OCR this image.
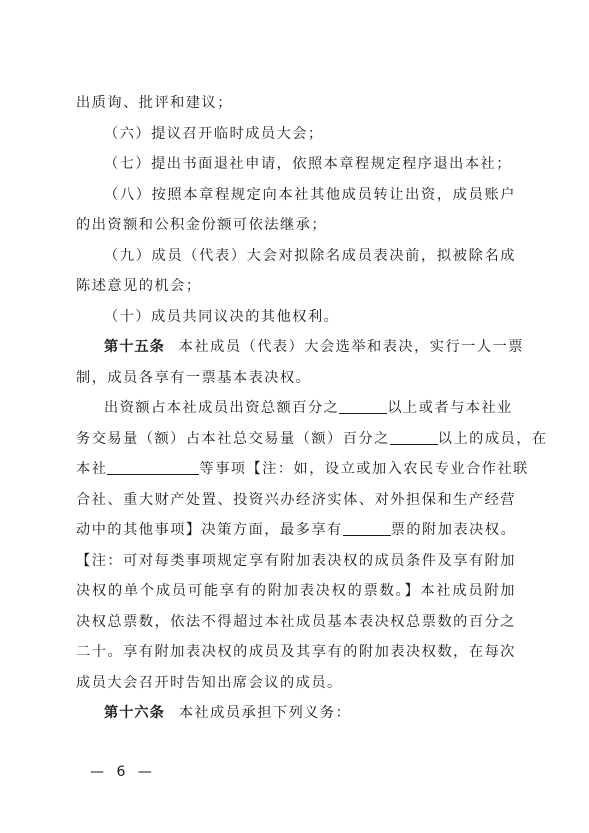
出质询、批评和建议；
（六）提议召开临时成员大会；
（七）提出书面退社申请，依照本章程规定程序退出本社；
（八）按照本章程规定向本社其他成员转让出资，成员账户
的出资额和公积金份额可依法继承；
（九）成员（代表）大会对拟除名成员表决前，拟被除名成
陈述意见的机会；
（十）成员共同议决的其他权利。
第十五条 本社成员（代表）大会选举和表决，实行一人一票
制，成员各享有一票基本表决权。
出资额占本社成员出资总额百分之	以上或者与本社业
务交易量（额）占本社总交易量（额）百分之	以上的成员，在
本社	等事项【注：如，设立或加入农民专业合作社联
合社、重大财产处置、投资兴办经济实体、对外担保和生产经营
动中的其他事项】决策方面，最多享有	票的附加表决权。
【注：可对每类事项规定享有附加表决权的成员条件及享有附加
决权的单个成员可能享有的附加表决权的票数。】本社成员附加
决权总票数，依法不得超过本社成员基本表决权总票数的百分之
二十。享有附加表决权的成员及其享有的附加表决权数，在每次
成员大会召开时告知出席会议的成员。
第十六条 本社成员承担下列义务：
— 6 —
